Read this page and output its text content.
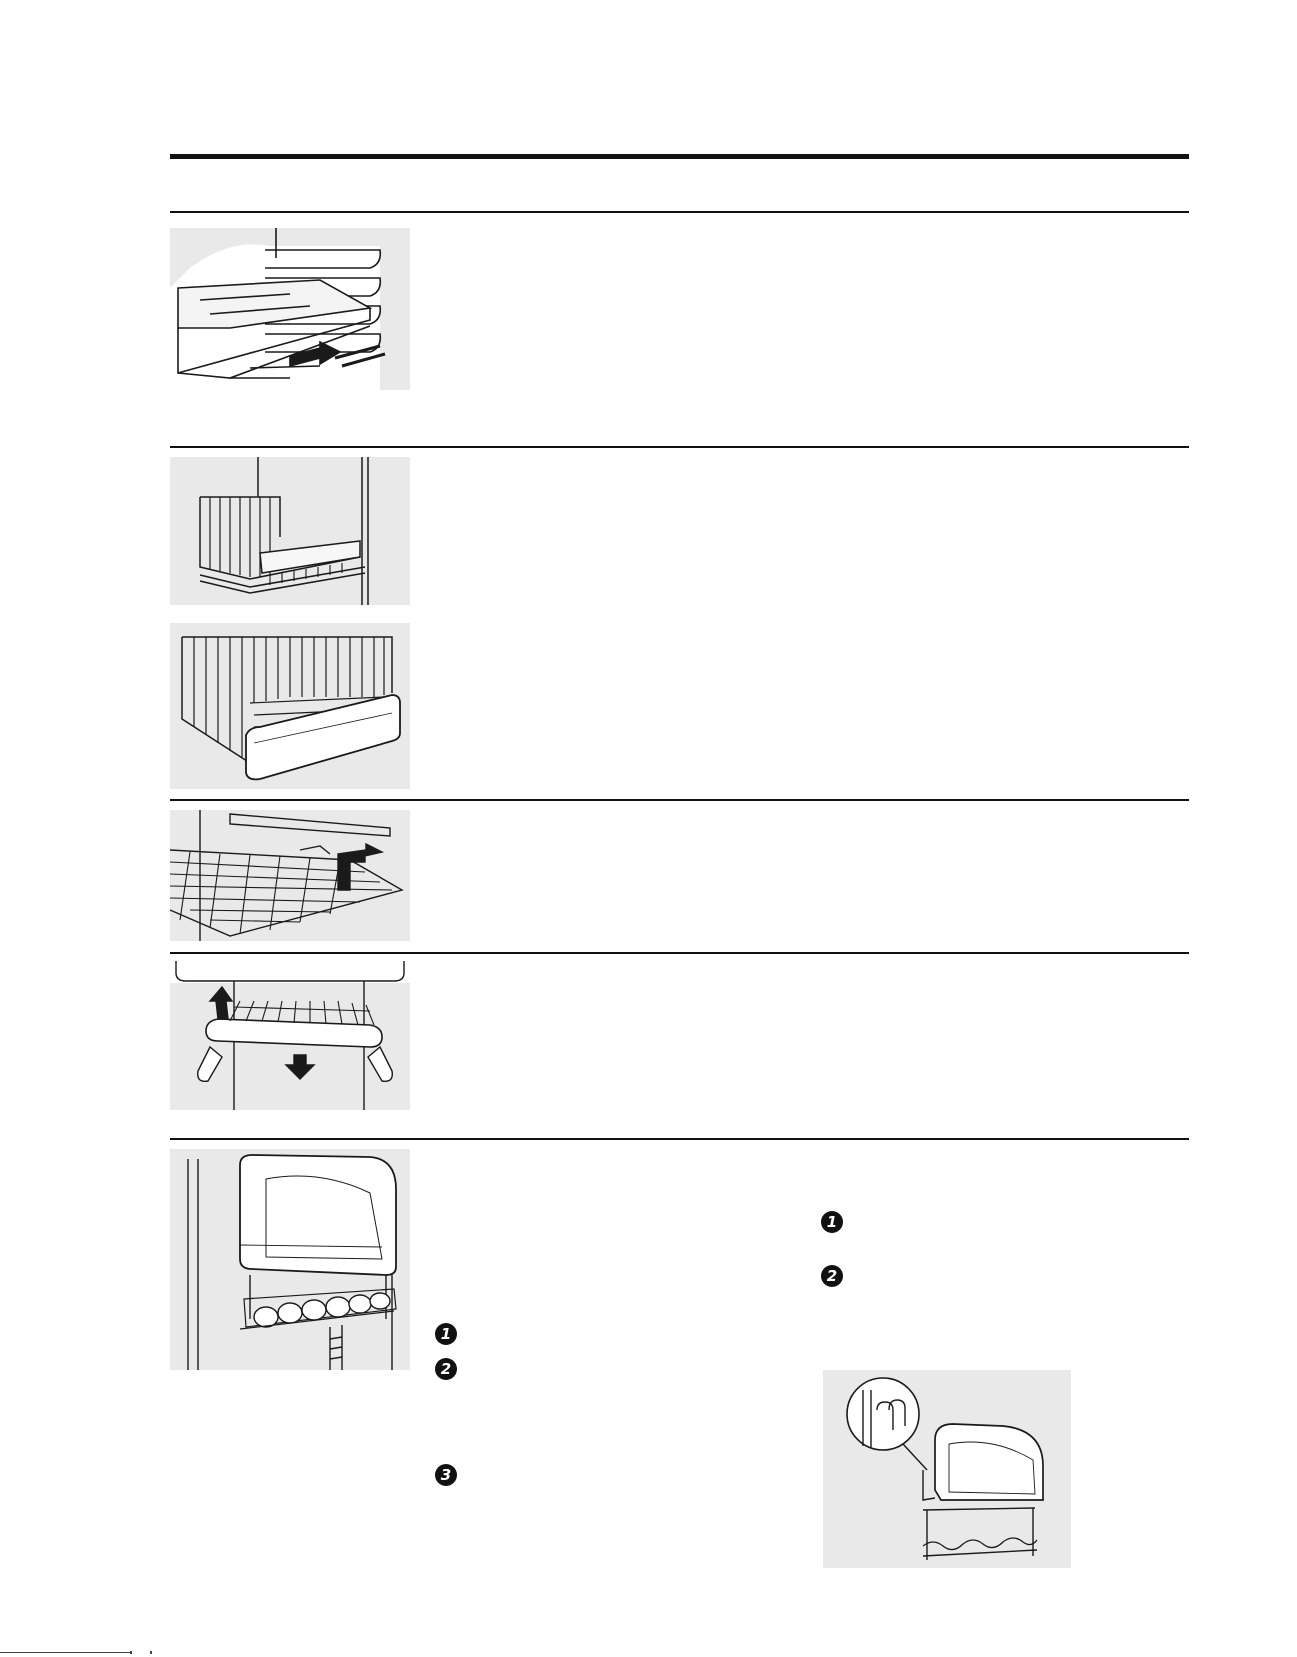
1
2
3
1
2
